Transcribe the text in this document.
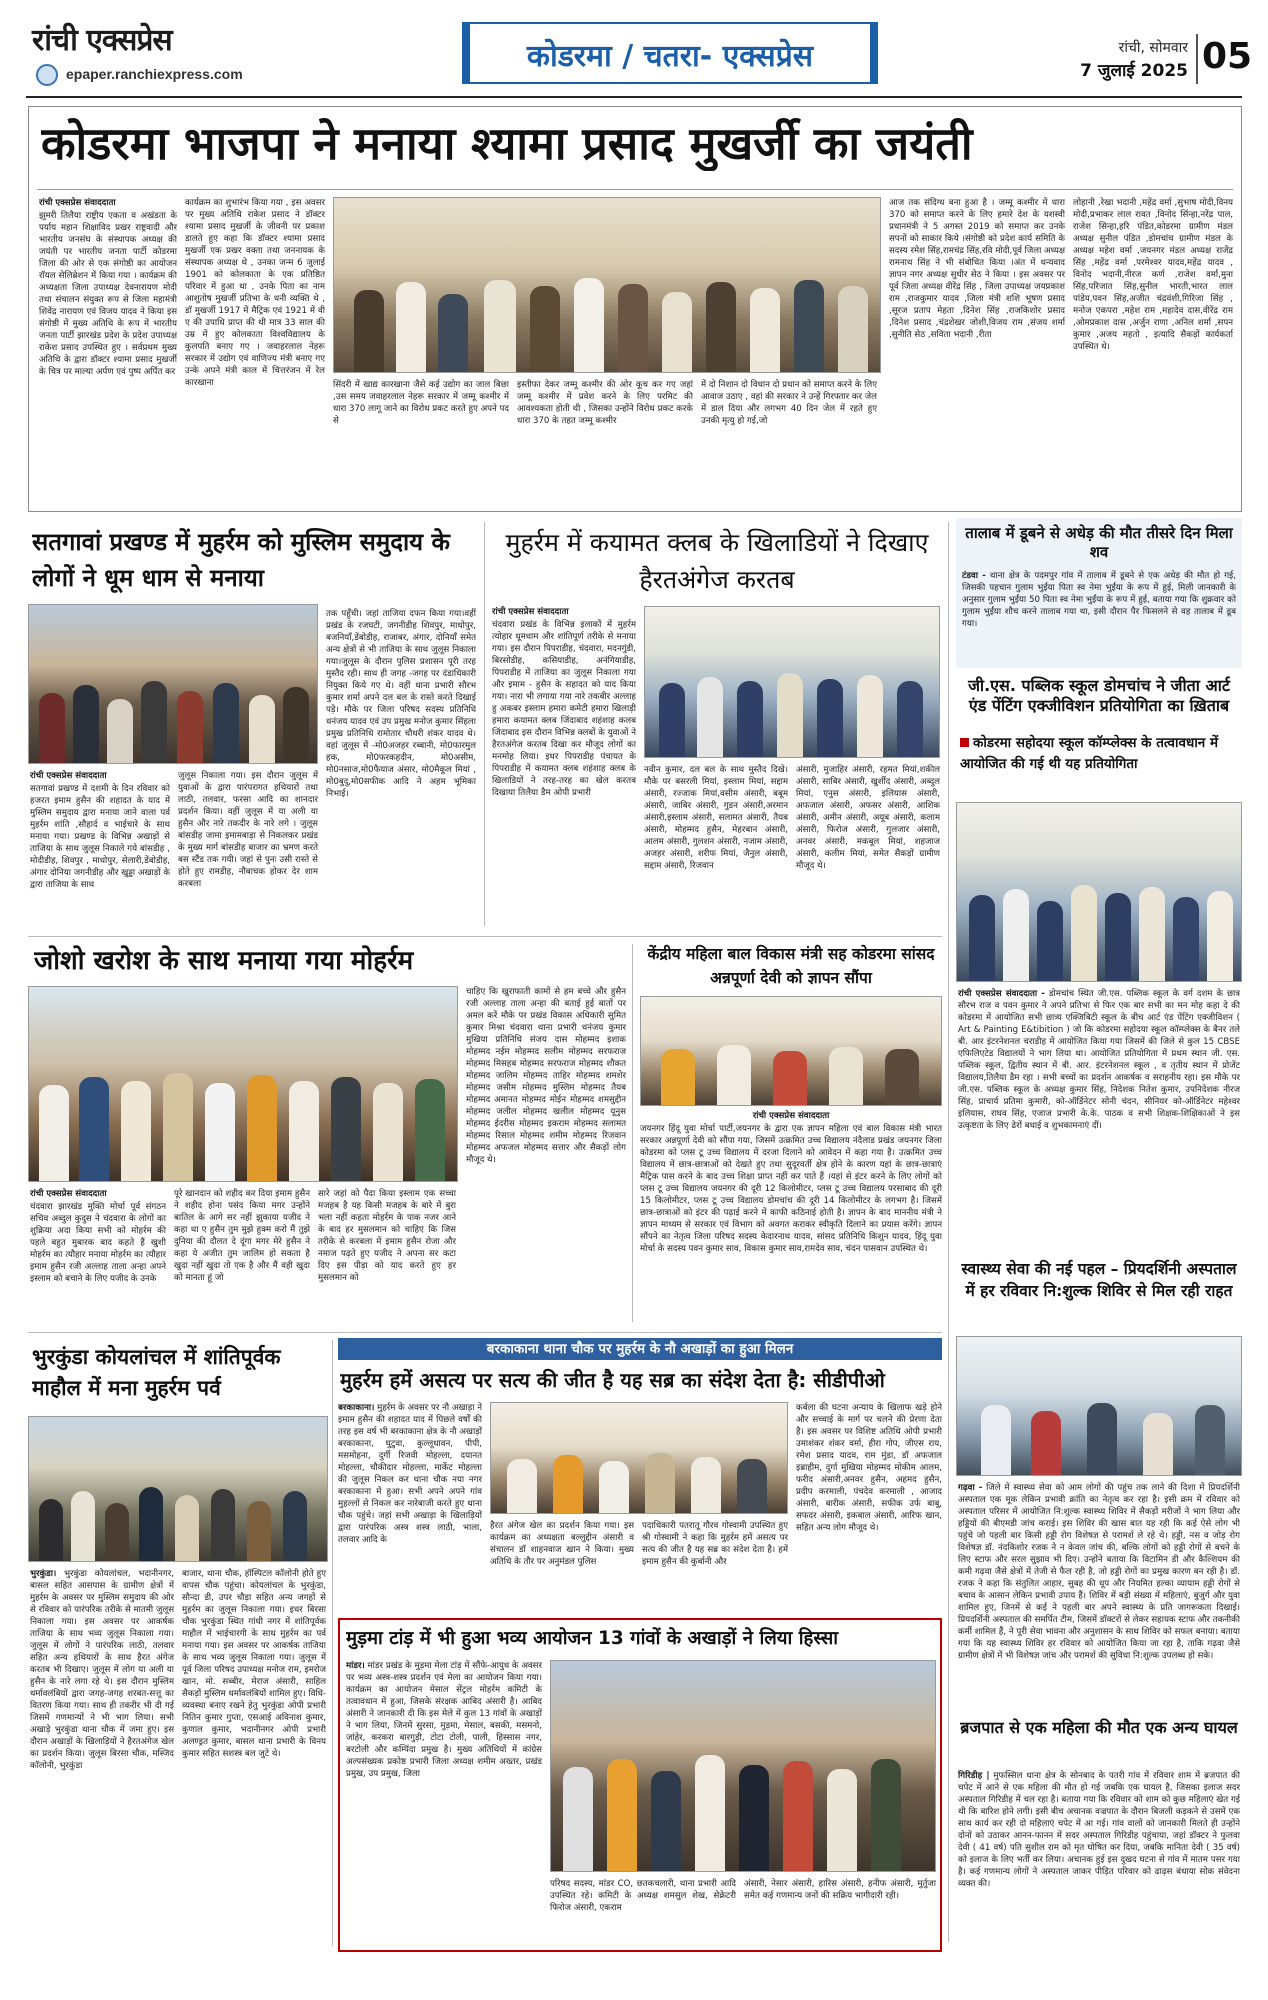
रांची एक्सप्रेस
epaper.ranchiexpress.com	कोडरमा / चतरा- एक्सप्रेस	रांची, सोमवार
7 जुलाई 2025 05
कोडरमा भाजपा ने मनाया श्यामा प्रसाद मुखर्जी का जयंती
रांची एक्सप्रेस संवाददाता
झुमरी तिलैया राष्ट्रीय एकता व अखंडता के पर्याय महान शिक्षाविद प्रखर राष्ट्रवादी और भारतीय जनसंघ के संस्थापक अध्यक्ष की जयंती पर भारतीय जनता पार्टी कोडरमा जिला की ओर से एक संगोष्ठी का आयोजन रॉयल सेलिब्रेशन में किया गया । कार्यक्रम की अध्यक्षता जिला उपाध्यक्ष देवनारायण मोदी तथा संचालन संयुक्त रूप से जिला महामंत्री शिवेंद्र नारायण एवं विजय यादव ने किया इस संगोष्ठी में मुख्य अतिथि के रूप में भारतीय जनता पार्टी झारखंड प्रदेश के प्रदेश उपाध्यक्ष राकेश प्रसाद उपस्थित हुए । सर्वप्रथम मुख्य अतिथि के द्वारा डॉक्टर श्यामा प्रसाद मुखर्जी के चित्र पर माल्या अर्पण एवं पुष्प अर्पित कर
कार्यक्रम का शुभारंभ किया गया , इस अवसर पर मुख्य अतिथि राकेश प्रसाद ने डॉक्टर श्यामा प्रसाद मुखर्जी के जीवनी पर प्रकाश डालते हुए कहा कि डॉक्टर श्यामा प्रसाद मुखर्जी एक प्रखर वक्ता तथा जननायक के संस्थापक अध्यक्ष थे , उनका जन्म 6 जुलाई 1901 को कोलकाता के एक प्रतिष्ठित परिवार में हुआ था , उनके पिता का नाम आशुतोष मुखर्जी प्रतिभा के धनी व्यक्ति थे , डॉ मुखर्जी 1917 में मैट्रिक एवं 1921 में वी ए की उपाधि प्राप्त की थी मात्र 33 साल की उम्र में हुए कोलकाता विश्वविद्यालय के कुलपति बनाए गए । जवाहरलाल नेहरू सरकार में उद्योग एवं वाणिज्य मंत्री बनाए गए उन्के अपने मंत्री काल में चित्तरंजन में रेल कारखाना	सिंदरी में खाद्य कारखाना जैसे कई उद्योग का जाल बिछा ,उस समय जवाहरलाल नेहरू सरकार में जम्मू कश्मीर में धारा 370 लागू जाने का विरोध प्रकट करते हुए अपने पद से
इस्तीफा देकर जम्मू कश्मीर की ओर कूच कर गए जहां जम्मू कश्मीर में प्रवेश करने के लिए परमिट की आवश्यकता होती थी , जिसका उन्होंने विरोध प्रकट करके धारा 370 के तहत जम्मू कश्मीर
में दो निशान दो विधान दो प्रधान को समाप्त करने के लिए आवाज उठाए , वहां की सरकार ने उन्हें गिरफ्तार कर जेल में डाल दिया और लगभग 40 दिन जेल में रहते हुए उनकी मृत्यु हो गई,जो
आज तक संदिग्ध बना हुआ है । जम्मू कश्मीर में धारा 370 को समाप्त करने के लिए हमारे देश के यशस्वी प्रधानमंत्री ने 5 अगस्त 2019 को समाप्त कर उनके सपनों को साकार किये ।संगोष्ठी को प्रदेश कार्य समिति के सदस्य रमेश सिंह,रामचंद्र सिंह,रवि मोदी,पूर्व जिला अध्यक्ष रामनाथ सिंह ने भी संबोधित किया ।अंत में धन्यवाद ज्ञापन नगर अध्यक्ष सुधीर सेठ ने किया । इस अवसर पर पूर्व जिला अध्यक्ष वीरेंद्र सिंह , जिला उपाध्यक्ष जयप्रकाश राम ,राजकुमार यादव ,जिला मंत्री शशि भूषण प्रसाद ,सूरज प्रताप मेहता ,दिनेश सिंह ,राजकिशोर प्रसाद ,दिनेश प्रसाद ,चंद्रशेखर जोशी,विजय राम ,संजय शर्मा ,सुनीति सेठ ,सविता भदानी ,रीता
लोहानी ,रेखा भदानी ,महेंद्र वर्मा ,सुभाष मोदी,विनय मोदी,प्रभाकर लाल रावत ,विनोद सिंन्हा,नरेंद्र पाल, राजेश सिन्हा,हरि पंडित,कोडरमा ग्रामीण मंडल अध्यक्ष सुनील पंडित ,डोमचांच ग्रामीण मंडल के अध्यक्ष महेश वर्मा ,जयनगर मंडल अध्यक्ष राजेंद्र सिंह ,महेंद्र वर्मा ,परमेश्वर यादव,महेंद्र यादव , विनोद भदानी,नीरज कर्ण ,राजेश वर्मा,मुना सिंह,परिजात सिंह,सुनील भारती,भारत लाल पांडेय,पवन सिंह,अजीत चंद्रवंशी,गिरिजा सिंह , मनोज एकपरा ,महेश राम ,महादेव दास,वीरेंद्र राम ,ओमप्रकाश दास ,अर्जुन राणा ,अनिल शर्मा ,सपन कुमार ,अजय महतो , इत्यादि सैकड़ों कार्यकर्ता उपस्थित थे।
सतगावां प्रखण्ड में मुहर्रम को मुस्लिम समुदाय के लोगों ने धूम धाम से मनाया
रांची एक्सप्रेस संवाददाता
सतगावां प्रखण्ड में दशमी के दिन रविवार को हजरत इमाम हुसैन की शहादत के याद में मुस्लिम समुदाय द्वारा मनाया जाने वाला पर्व मुहर्रम शांति ,सौहार्द व भाईचारे के साथ मनाया गया। प्रखण्ड के विभिन्न अखाड़ों से ताजिया के साथ जुलूस निकाले गये बांसडीह , मोदीडीह, शिवपुर , माधोपुर, सेलारी,डेंबोडीह, अंगार दोनिया जगनीडीह और खुड्डा अखाड़ों के द्वारा ताजिया के साथ
जुलूस निकाला गया। इस दौरान जुलूस में युवाओं के द्वारा पारंपरागत हथियारों तथा लाठी, तलवार, फरसा आदि का शानदार प्रदर्शन किया। वहीं जुलूस में या अली या हुसैन और नारे तकदीर के नारे लगे । जुलूस बांसडीह जामा इमामबाड़ा से निकलकर प्रखंड के मुख्य मार्ग बांसडीह बाजार का भ्रमण करते बस स्टैंड तक गयी। जहां से पुनः उसी रास्ते से होते हुए रामडीह, नौबाचक होकर देर शाम करबला
तक पहुँची। जहां ताजिया दफन किया गया।वहीं प्रखंड के रजघटी, जगनीडीह शिवपुर, माधोपुर, बजनियाँ,डेंबोडीह, राजाबर, अंगार, दोनियाँ समेत अन्य क्षेत्रों से भी ताजिया के साथ जुलूस निकाला गया।जुलूस के दौरान पुलिस प्रशासन पूरी तरह मुस्तैद रही। साथ ही जगह -जगह पर दंडाधिकारी नियुक्त किये गए थे। वहीं थाना प्रभारी सौरभ कुमार शर्मा अपने दल बल के रास्ते करते दिखाई पड़े। मौके पर जिला परिषद सदस्य प्रतिनिधि धनंजय यादव एवं उप प्रमुख मनोज कुमार सिंहला प्रमुख प्रतिनिधि रामोतार चौधरी शंकर यादव थे। वहां जुलूस में -मो0अजहर रब्बानी, मो0फारमुल हक, मो0फरकहदीन, मो0असीम, मो0नसाज,मो0फैयाज अंसार, मो0मैकूल मियां , मो0बुदु,मो0सफीक आदि ने अहम भूमिका निभाई।
मुहर्रम में कयामत क्लब के खिलाडियों ने दिखाए हैरतअंगेज करतब
रांची एक्सप्रेस संवाददाता
चंदवारा प्रखंड के विभिन्न इलाकों में मुहर्रम त्योहार धूमधाम और शांतिपूर्ण तरीके से मनाया गया। इस दौरान पिपराडीह, चंदवारा, मदनगुंडी, बिरसोडीह, कसियाडीह, अनंगियाडीह, पिपराडीह में ताजिया का जुलूस निकाला गया और इमाम - हुसैन के सहादत को याद किया गया। नारा भी लगाया गया नारे तकबीर अल्लाह हु अकबर इस्लाम हमारा कमेटी हमारा खिलाड़ी हमारा कयामत क्लब जिंदाबाद शहंशाह कलब जिंदाबाद इस दौरान विभिन्न क्लबों के युवाओं ने हैरतअंगेज करतब दिखा कर मौजूद लोगों का मनमोह लिया। इधर पिपराडीह पंचायत के पिपराडीह में कयामत क्लब शहंशाह क्लब के खिलाडियों ने तरह-तरह का खेल करतब दिखाया तिलैया डैम ओपी प्रभारी
नवीन कुमार, दल बल के साथ मुस्तैद दिखे। मौके पर बसरली मियां, इस्लाम मियां, सद्दाम अंसारी, रज्जाक मियां,वसीम अंसारी, बबूम अंसारी, जाबिर अंसारी, गुडन अंसारी,अरमान अंसारी,इस्लाम अंसारी, सलामत अंसारी, तैयब अंसारी, मोहम्मद हुसैन, मेहरबान अंसारी, आलम अंसारी, गुलशन अंसारी, नजाम अंसारी, अजहर अंसारी, शरीफ मियां, जैनुल अंसारी, सद्दाम अंसारी, रिजवान
अंसारी, मुजाहिर अंसारी, रहमत मियां,शकील अंसारी, साबिर अंसारी, खुर्शीद अंसारी, अब्दुल मियां, एनुस अंसारी, इलियास अंसारी, अफजाल अंसारी, अफसर अंसारी, आशिक अंसारी, अमीन अंसारी, अयूब अंसारी, कलाम अंसारी, फिरोज अंसारी, गुलजार अंसारी, अनवर अंसारी, मकबूल मियां, शहजाज अंसारी, कलीम मियां, समेत सैकड़ों ग्रामीण मौजूद थे।
तालाब में डूबने से अधेड़ की मौत तीसरे दिन मिला शव
टंडवा - थाना क्षेत्र के पदमपुर गांव में तालाब में डूबने से एक अधेड़ की मौत हो गई, जिसकी पहचान गुलाम भुईंया पिता स्व नेमा भुईंया के रूप में हुई, मिली जानकारी के अनुसार गुलाम भुईंया 50 पिता स्व नेमा भुईंया के रूप में हुई, बताया गया कि शुक्रवार को गुलाम भुईंया शौच करने तालाब गया था, इसी दौरान पैर फिसलने से वह तालाब में डूब गया।
जी.एस. पब्लिक स्कूल डोमचांच ने जीता आर्ट एंड पेंटिंग एक्जीविशन प्रतियोगिता का ख़िताब
कोडरमा सहोदया स्कूल कॉम्प्लेक्स के तत्वावधान में आयोजित की गई थी यह प्रतियोगिता
रांची एक्सप्रेस संवाददाता - डोमचांच स्थित जी.एस. पब्लिक स्कूल के वर्ग दशम के छात्र सौरभ राज व पवन कुमार ने अपने प्रतिभा से फिर एक बार सभी का मन मोह कहा दे की कोडरमा में आयोजित सभी छात्र्य एक्जिबिटी स्कूल के बीच आर्ट एंड पेंटिंग एक्जीविशन ( Art & Painting E&tibition ) जो कि कोडरमा सहोदया स्कूल कॉम्प्लेक्स के बैनर तले बी. आर इंटरनेशनल चराडीह में आयोजित किया गया जिसमें की जिले से कुल 15 CBSE एफिलिएटेड विद्यालयों ने भाग लिया था। आयोजित प्रतियोगिता में प्रथम स्थान जी. एस. पब्लिक स्कूल, द्वितीय स्थान में बी. आर. इंटरनेशनल स्कूल , व तृतीय स्थान में प्रोजेंट विद्यालय,तिलैया डैम रहा । सभी बच्चों का प्रदर्शन आकर्षक व सराहनीय रहा। इस मौके पर जी.एस. पब्लिक स्कूल के अध्यक्ष कुमार सिंह, निदेशक नितेश कुमार, उपनिदेशक नीरज सिंह, प्राचार्य प्रतिमा कुमारी, को-ऑर्डिनेटर सोनी चंदन, सीनियर को-ऑर्डिनेटर महेश्वर इलियास, राघव सिंह, एजाज प्रभारी के.के. पाठक व सभी शिक्षक-शिक्षिकाओं ने इस उत्कृष्टता के लिए ढेरों बधाई व शुभकामनाएं दीं।
स्वास्थ्य सेवा की नई पहल – प्रियदर्शिनी अस्पताल में हर रविवार नि:शुल्क शिविर से मिल रही राहत
गढ़वा - जिले में स्वास्थ्य सेवा को आम लोगों की पहुंच तक लाने की दिशा में प्रियदर्शिनी अस्पताल एक मूक लेकिन प्रभावी क्रांति का नेतृत्व कर रहा है। इसी क्रम में रविवार को अस्पताल परिसर में आयोजित नि:शुल्क स्वास्थ्य शिविर में सैकड़ों मरीजों ने भाग लिया और हड्डियों की बीएमडी जांच कराई। इस शिविर की खास बात यह रही कि कई ऐसे लोग भी पहुंचे जो पहली बार किसी हड्डी रोग विशेषज्ञ से परामर्श ले रहे थे। हड्डी, नस व जोड़ रोग विशेषज्ञ डॉ. नंदकिशोर रजक ने न केवल जांच की, बल्कि लोगों को हड्डी रोगों से बचने के लिए स्टाफ और सरल सुझाव भी दिए। उन्होंने बताया कि विटामिन डी और कैल्शियम की कमी गढ़वा जैसे क्षेत्रों में तेजी से फैल रही है, जो हड्डी रोगों का प्रमुख कारण बन रही है। डॉ. रजक ने कहा कि संतुलित आहार, सुबह की धूप और नियमित हल्का व्यायाम हड्डी रोगों से बचाव के आसान लेकिन प्रभावी उपाय हैं। शिविर में बड़ी संख्या में महिलाएं, बुजुर्ग और युवा शामिल हुए, जिनमें से कई ने पहली बार अपने स्वास्थ्य के प्रति जागरूकता दिखाई। प्रियदर्शिनी अस्पताल की समर्पित टीम, जिसमें डॉक्टरों से लेकर सहायक स्टाफ और तकनीकी कर्मी शामिल हैं, ने पूरी सेवा भावना और अनुशासन के साथ शिविर को सफल बनाया। बताया गया कि यह स्वास्थ्य शिविर हर रविवार को आयोजित किया जा रहा है, ताकि गढ़वा जैसे ग्रामीण क्षेत्रों में भी विशेषज्ञ जांच और परामर्श की सुविधा नि:शुल्क उपलब्ध हो सके।
ब्रजपात से एक महिला की मौत एक अन्य घायल
गिरिडीह | मुफस्सिल थाना क्षेत्र के सोनबाद के पतरी गांव में रविवार शाम में ब्रजपात की चपेट में आने से एक महिला की मौत हो गई जबकि एक घायल है, जिसका इलाज सदर अस्पताल गिरिडीह में चल रहा है। बताया गया कि रविवार को शाम को कुछ महिलाएं खेत गई थी कि बारिश होने लगी। इसी बीच अचानक वज्रपात के दौरान बिजली कड़कने से उसमें एक साथ कार्य कर रही दो महिलाएं चपेट में आ गई। गांव वालों को जानकारी मिलते ही उन्होंने दोनों को उठाकर आनन-फानन में सदर अस्पताल गिरिडीह पहुंचाया, जहां डॉक्टर ने फुलवा देवी ( 41 वर्ष) पति सुशील राम को मृत घोषित कर दिया, जबकि मानिता देवी ( 35 वर्ष) को इलाज के लिए भर्ती कर लिया। अचानक हुई इस दुखद घटना से गांव में मातम पसर गया है। कई गणमान्य लोगों ने अस्पताल जाकर पीड़ित परिवार को ढाढ़स बंधाया सोक संवेदना व्यक्त की।
जोशो खरोश के साथ मनाया गया मोहर्रम
रांची एक्सप्रेस संवाददाता
चंदवारा झारखंड मुक्ति मोर्चा पूर्व संगठन सचिव अब्दुल कुदुस ने चंदवारा के लोगों का शुक्रिया अदा किया सभी को मोहर्रम की पहले बहुत मुबारक बाद कहते हैं खुशी मोहर्रम का त्यौहार मनाया मोहर्रम का त्यौहार इमाम हुसैन रजी अल्लाह ताला अन्हा अपने इस्लाम को बचाने के लिए यजीद के उनके
पूरे खानदान को शहीद कर दिया इमाम हुसैन ने शहीद होना पसंद किया मगर उन्होंने बातिल के आगे सर नहीं झुकाया यजीद ने कहा था ए हुसैन तुम मुझे हुक्म करो मैं तुझे दुनिया की दौलत दे दूंगा मगर मेरे हुसैन ने कहा ये अजीत तुम जालिम हो सकता है खुदा नहीं खुदा तो एक है और मैं वही खुदा को मानता हूं जो
सारे जहां को पैदा किया इस्लाम एक सच्चा मजहब है यह किसी मजहब के बारे में बुरा भला नहीं कहता मोहर्रम के पाक नजर आने के बाद हर मुसलमान को चाहिए कि जिस तरीके से करबला में इमाम हुसैन रोजा और नमाज पढ़ते हुए यजीद ने अपना सर कटा दिए इस पीड़ा को याद करते हुए हर मुसलमान को
चाहिए कि खुराफाती कामों से हम बच्चे और हुसैन रजी अल्लाह ताला अन्हा की बताई हुई बातों पर अमल करें मौके पर प्रखंड विकास अधिकारी सुमित कुमार मिश्रा चंदवारा थाना प्रभारी धनंजय कुमार मुखिया प्रतिनिधि संजय दास मोहम्मद इशाक मोहम्मद नईम मोहम्मद सलीम मोहम्मद सरफराज मोहम्मद मिसहब मोहम्मद सरफराज मोहम्मद शौकत मोहम्मद जालिम मोहम्मद ताहिर मोहम्मद शमशेर मोहम्मद जसीम मोहम्मद मुस्लिम मोहम्मद तैयब मोहम्मद अमानत मोहम्मद मोईन मोहम्मद शमसुद्दीन मोहम्मद जलील मोहम्मद खलील मोहम्मद यूनुस मोहम्मद ईदरीस मोहम्मद इकराम मोहम्मद सलामत मोहम्मद रिसाल मोहम्मद शमीम मोहम्मद रिजवान मोहम्मद अफजल मोहम्मद सत्तार और सैकड़ों लोग मौजूद थे।
केंद्रीय महिला बाल विकास मंत्री सह कोडरमा सांसद अन्नपूर्णा देवी को ज्ञापन सौंपा
रांची एक्सप्रेस संवाददाता
जयनगर हिंदू युवा मोर्चा पार्टी,जयनगर के द्वारा एक ज्ञापन महिला एवं बाल विकास मंत्री भारत सरकार अन्नपूर्णा देवी को सौंपा गया, जिसमें उत्क्रमित उच्च विद्यालय नंदैलाड प्रखंड जयनगर जिला कोडरमा को प्लस टू उच्च विद्यालय में दरजा दिलाने को आवेदन में कहा गया है। उत्क्रमित उच्च विद्यालय में छात्र-छात्राओं को देखते हुए तथा सुदूरवर्ती क्षेत्र होने के कारण यहां के छात्र-छात्राएं मैट्रिक पास करने के बाद उच्च शिक्षा प्राप्त नहीं कर पाते हैं ।यहां से इंटर करने के लिए लोगों को प्लस टू उच्च विद्यालय जयनगर की दूरी 12 किलोमीटर, प्लस टू उच्च विद्यालय परसाबाद की दूरी 15 किलोमीटर, प्लस टू उच्च विद्यालय डोमचांच की दूरी 14 किलोमीटर के लगभग है। जिसमें छात्र-छात्राओं को इंटर की पढ़ाई करने में काफी कठिनाई होती है। ज्ञापन के बाद माननीय मंत्री ने ज्ञापन माध्यम से सरकार एवं विभाग को अवगत कराकर स्वीकृति दिलाने का प्रयास करेंगे। ज्ञापन सौंपने का नेतृत्व जिला परिषद सदस्य केदारनाथ यादव, सांसद प्रतिनिधि किशुन यादव, हिंदू युवा मोर्चा के सदस्य पवन कुमार साव, विकास कुमार साव,रामदेव साव, चंदन पासवान उपस्थित थे।
भुरकुंडा कोयलांचल में शांतिपूर्वक माहौल में मना मुहर्रम पर्व
भुरकुंडा। भुरकुंडा कोयलांचल, भदानीनगर, बासल सहित आसपास के ग्रामीण क्षेत्रों में मुहर्रम के अवसर पर मुस्लिम समुदाय की ओर से रविवार को पारंपरिक तरीके से मातमी जुलूस निकाला गया। इस अवसर पर आकर्षक ताजिया के साथ भव्य जुलूस निकाला गया। जुलूस में लोगों ने पारंपरिक लाठी, तलवार सहित अन्य हथियारों के साथ हैरत अंगेज करतब भी दिखाए। जुलूस में लोग या अली या हुसैन के नारे लगा रहे थे। इस दौरान मुस्लिम धर्मावलंबियों द्वारा जगह-जगह शरबत-सत्तू का वितरण किया गया। साथ ही तकरीर भी दी गई जिसमें गणमान्यों ने भी भाग लिया। सभी अखाड़े भुरकुंडा थाना चौक में जमा हुए। इस दौरान अखाड़ों के खिलाड़ियों ने हैरतअंगेज खेल का प्रदर्शन किया। जुलूस बिरसा चौक, मस्जिद कॉलोनी, भुरकुंडा
बाजार, थाना चौक, हॉस्पिटल कॉलोनी होते हुए वापस चौक पहुंचा। कोयलांचल के भुरकुंडा, सौन्दा डी, उपर चौड़ा सहित अन्य जगहों से मुहर्रम का जुलूस निकाला गया। इधर बिरसा चौक भुरकुंडा स्थित गांधी नगर में शांतिपूर्वक माहौल में भाईचारगी के साथ मुहर्रम का पर्व मनाया गया। इस अवसर पर आकर्षक ताजिया के साथ भव्य जुलूस निकाला गया। जुलूस में पूर्व जिला परिषद उपाध्यक्ष मनोज राम, इमरोज खान, मो. सब्बीर, मेराज अंसारी, साहिल सैकड़ों मुस्लिम धर्मावलंबियों शामिल हुए। विधि-व्यवस्था बनाए रखने हेतु भुरकुंडा ओपी प्रभारी नितिन कुमार गुप्ता, एसआई अविनाश कुमार, कुणाल कुमार, भदानीनगर ओपी प्रभारी अलण्ड्रत कुमार, बासल थाना प्रभारी के विनय कुमार सहित सशस्त्र बल जुटे थे।
बरकाकाना थाना चौक पर मुहर्रम के नौ अखाड़ों का हुआ मिलन
मुहर्रम हमें असत्य पर सत्य की जीत है यह सब्र का संदेश देता है: सीडीपीओ
बरकाकाना। मुहर्रम के अवसर पर नौ अखाड़ा ने इमाम हुसैन की शहादत याद में पिछले वर्षों की तरह इस वर्ष भी बरकाकाना क्षेत्र के नौ अखाड़ों बरकाकाना, घुटुवा, कुल्लूधावन, पीपी, मसमोहना, दुर्गी रिजवी मोहल्ला, दयानत मोहल्ला, चौकीदार मोहल्ला, मार्केट मोहल्ला की जुलूस निकल कर थाना चौक नया नगर बरकाकाना में हुआ। सभी अपने अपने गांव मुहल्लों से निकल कर नारेबाजी करते हुए थाना चौक पहुंचे। जहां सभी अखाड़ा के खिलाड़ियों द्वारा पारंपरिक अस्त्र शस्त्र लाठी, भाला, तलवार आदि के
हैरत अंगेज खेल का प्रदर्शन किया गया। इस कार्यक्रम का अध्यक्षता बल्लुद्दीन अंसारी व संचालन डॉ शाहनवाज खान ने किया। मुख्य अतिथि के तौर पर अनुमंडल पुलिस
पदाधिकारी पतरातू गौरव गोस्वामी उपस्थित हुए श्री गोस्वामी ने कहा कि मुहर्रम हमें असत्य पर सत्य की जीत है यह सब्र का संदेश देता है। हमें इमाम हुसैन की कुर्बानी और
कर्बला की घटना अन्याय के खिलाफ खड़े होने और सच्चाई के मार्ग पर चलने की प्रेरणा देता है। इस अवसर पर विशिष्ट अतिथि ओपी प्रभारी उमाशंकर शंकर वर्मा, हीरा गोप, जीएस राय, रमेश प्रसाद यादव, राम मुंडा, डॉ अफजाल इब्राहीम, दुर्गा मुखिया मोहम्मद मोकीम आलम, फरीद अंसारी,अनवर हुसैन, अहमद हुसैन, प्रदीप करमाली, पंचदेव करमाली , आजाद अंसारी, बारीक अंसारी, सफीक उर्फ बाबू, सफदर अंसारी, इकबाल अंसारी, आरिफ खान, सहित अन्य लोग मौजूद थे।
मुड़मा टांड़ में भी हुआ भव्य आयोजन 13 गांवों के अखाड़ों ने लिया हिस्सा
मांडर। मांडर प्रखंड के मुड़मा मेला टांड़ में सौंफे-आयुध के अवसर पर भव्य अस्त्र-शस्त्र प्रदर्शन एवं मेला का आयोजन किया गया। कार्यक्रम का आयोजन मेसाल सेंट्रल मोहर्रम कमिटी के तत्वावधान में हुआ, जिसके संरक्षक आबिद अंसारी है। आबिद अंसारी ने जानकारी दी कि इस मेले में कुल 13 गांवों के अखाड़ों ने भाग लिया, जिनमें सुरसा, मुड़मा, मेसाल, बसकी, मसमनो, जांहेर, करकरा बारगुड़ी, टोटा टोली, पाली, हिस्सास नगर, बरटोली और कम्पिंदा प्रमुख है। मुख्य अतिथियों में कांग्रेस अल्पसंख्यक प्रकोष्ठ प्रभारी जिला अध्यक्ष शमीम अख्तर, प्रखंड प्रमुख, उप प्रमुख, जिला
परिषद सदस्य, मांडर CO, छतकचलारी, थाना प्रभारी आदि उपस्थित रहे। कमिटी के अध्यक्ष शमसुल शेख, सेक्रेटरी फिरोज अंसारी, एकराम
अंसारी, नेसार अंसारी, हारिस अंसारी, हनीफ अंसारी, मुर्तुजा समेत कई गणमान्य जनों की सक्रिय भागीदारी रही।
